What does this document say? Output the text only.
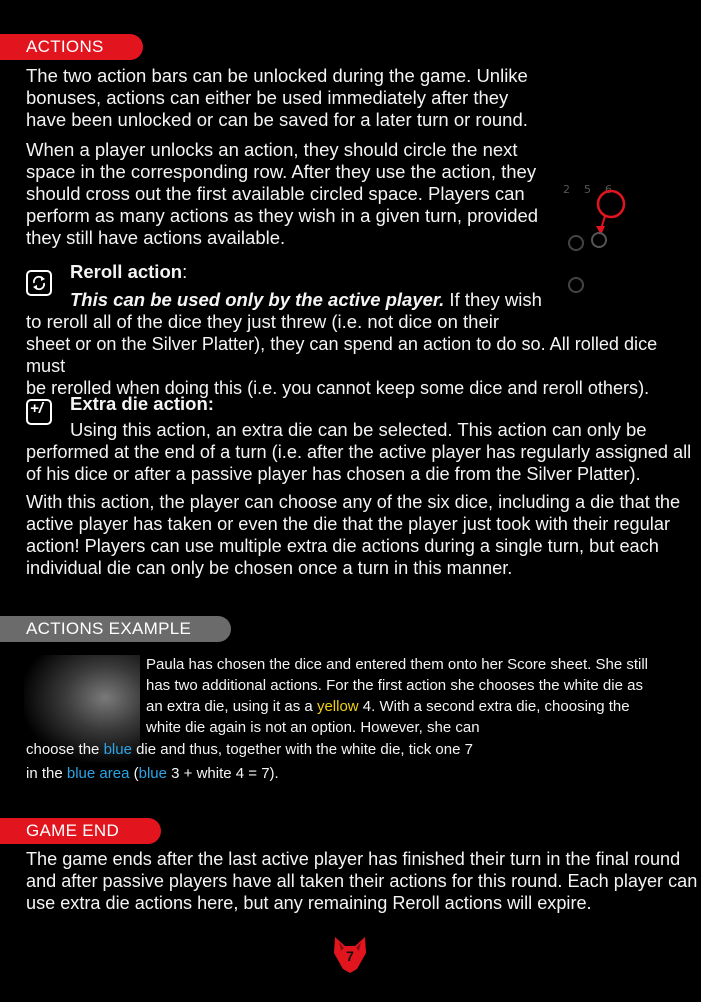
ACTIONS

The two action bars can be unlocked during the game. Unlike
bonuses, actions can either be used immediately after they
have been unlocked or can be saved for a later turn or round.

When a player unlocks an action, they should circle the next
space in the corresponding row. After they use the action, they
should cross out the first available circled space. Players can
perform as many actions as they wish in a given turn, provided
they still have actions available.

2 5 6

Reroll action:

This can be used only by the active player. If they wish

to reroll all of the dice they just threw (i.e. not dice on their

sheet or on the Silver Platter), they can spend an action to do so. All rolled dice must
be rerolled when doing this (i.e. you cannot keep some dice and reroll others).

+/ Extra die action:

Using this action, an extra die can be selected. This action can only be

performed at the end of a turn (i.e. after the active player has regularly assigned all
of his dice or after a passive player has chosen a die from the Silver Platter).

With this action, the player can choose any of the six dice, including a die that the
active player has taken or even the die that the player just took with their regular
action! Players can use multiple extra die actions during a single turn, but each
individual die can only be chosen once a turn in this manner.

ACTIONS EXAMPLE

Paula has chosen the dice and entered them onto her Score sheet. She still
has two additional actions. For the first action she chooses the white die as
an extra die, using it as a yellow 4. With a second extra die, choosing the
white die again is not an option. However, she can

choose the blue die and thus, together with the white die, tick one 7
in the blue area (blue 3 + white 4 = 7).

GAME END

The game ends after the last active player has finished their turn in the final round
and after passive players have all taken their actions for this round. Each player can
use extra die actions here, but any remaining Reroll actions will expire.

7
